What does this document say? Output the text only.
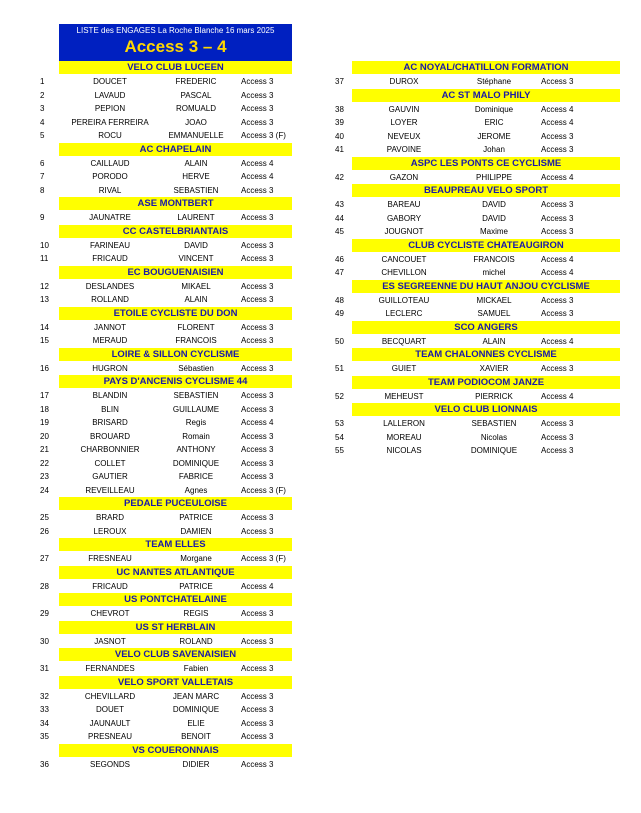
LISTE des ENGAGES La Roche Blanche 16 mars 2025
Access 3 – 4
VELO CLUB LUCEEN
1	DOUCET	FREDERIC	Access 3
2	LAVAUD	PASCAL	Access 3
3	PEPION	ROMUALD	Access 3
4	PEREIRA FERREIRA	JOAO	Access 3
5	ROCU	EMMANUELLE	Access 3 (F)
AC CHAPELAIN
6	CAILLAUD	ALAIN	Access 4
7	PORODO	HERVE	Access 4
8	RIVAL	SEBASTIEN	Access 3
ASE MONTBERT
9	JAUNATRE	LAURENT	Access 3
CC CASTELBRIANTAIS
10	FARINEAU	DAVID	Access 3
11	FRICAUD	VINCENT	Access 3
EC BOUGUENAISIEN
12	DESLANDES	MIKAEL	Access 3
13	ROLLAND	ALAIN	Access 3
ETOILE CYCLISTE DU DON
14	JANNOT	FLORENT	Access 3
15	MERAUD	FRANCOIS	Access 3
LOIRE & SILLON CYCLISME
16	HUGRON	Sébastien	Access 3
PAYS D'ANCENIS CYCLISME 44
17	BLANDIN	SEBASTIEN	Access 3
18	BLIN	GUILLAUME	Access 3
19	BRISARD	Regis	Access 4
20	BROUARD	Romain	Access 3
21	CHARBONNIER	ANTHONY	Access 3
22	COLLET	DOMINIQUE	Access 3
23	GAUTIER	FABRICE	Access 3
24	REVEILLEAU	Agnes	Access 3 (F)
PEDALE PUCEULOISE
25	BRARD	PATRICE	Access 3
26	LEROUX	DAMIEN	Access 3
TEAM ELLES
27	FRESNEAU	Morgane	Access 3 (F)
UC NANTES ATLANTIQUE
28	FRICAUD	PATRICE	Access 4
US PONTCHATELAINE
29	CHEVROT	REGIS	Access 3
US ST HERBLAIN
30	JASNOT	ROLAND	Access 3
VELO CLUB SAVENAISIEN
31	FERNANDES	Fabien	Access 3
VELO SPORT VALLETAIS
32	CHEVILLARD	JEAN MARC	Access 3
33	DOUET	DOMINIQUE	Access 3
34	JAUNAULT	ELIE	Access 3
35	PRESNEAU	BENOIT	Access 3
VS COUERONNAIS
36	SEGONDS	DIDIER	Access 3
AC NOYAL/CHATILLON FORMATION
37	DUROX	Stéphane	Access 3
AC ST MALO PHILY
38	GAUVIN	Dominique	Access 4
39	LOYER	ERIC	Access 4
40	NEVEUX	JEROME	Access 3
41	PAVOINE	Johan	Access 3
ASPC LES PONTS CE CYCLISME
42	GAZON	PHILIPPE	Access 4
BEAUPREAU VELO SPORT
43	BAREAU	DAVID	Access 3
44	GABORY	DAVID	Access 3
45	JOUGNOT	Maxime	Access 3
CLUB CYCLISTE CHATEAUGIRON
46	CANCOUET	FRANCOIS	Access 4
47	CHEVILLON	michel	Access 4
ES SEGREENNE DU HAUT ANJOU CYCLISME
48	GUILLOTEAU	MICKAEL	Access 3
49	LECLERC	SAMUEL	Access 3
SCO ANGERS
50	BECQUART	ALAIN	Access 4
TEAM CHALONNES CYCLISME
51	GUIET	XAVIER	Access 3
TEAM PODIOCOM JANZE
52	MEHEUST	PIERRICK	Access 4
VELO CLUB LIONNAIS
53	LALLERON	SEBASTIEN	Access 3
54	MOREAU	Nicolas	Access 3
55	NICOLAS	DOMINIQUE	Access 3
